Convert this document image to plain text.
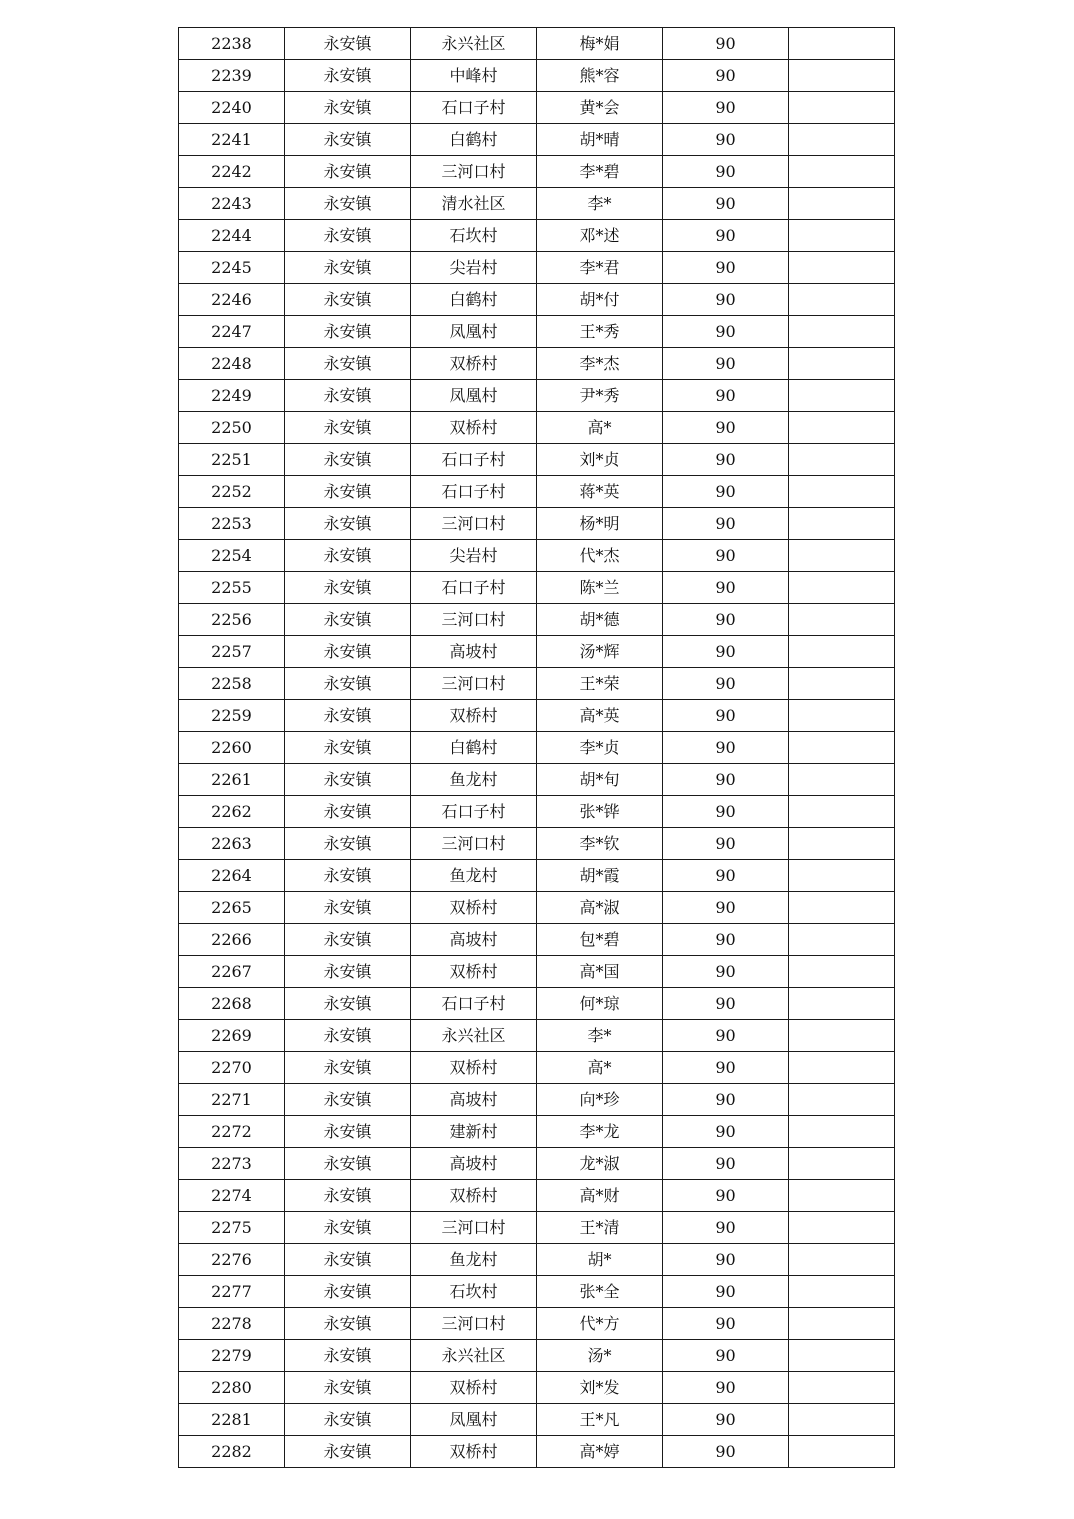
2238	永安镇	永兴社区	梅*娟	90	
2239	永安镇	中峰村	熊*容	90	
2240	永安镇	石口子村	黄*会	90	
2241	永安镇	白鹤村	胡*晴	90	
2242	永安镇	三河口村	李*碧	90	
2243	永安镇	清水社区	李*	90	
2244	永安镇	石坎村	邓*述	90	
2245	永安镇	尖岩村	李*君	90	
2246	永安镇	白鹤村	胡*付	90	
2247	永安镇	凤凰村	王*秀	90	
2248	永安镇	双桥村	李*杰	90	
2249	永安镇	凤凰村	尹*秀	90	
2250	永安镇	双桥村	高*	90	
2251	永安镇	石口子村	刘*贞	90	
2252	永安镇	石口子村	蒋*英	90	
2253	永安镇	三河口村	杨*明	90	
2254	永安镇	尖岩村	代*杰	90	
2255	永安镇	石口子村	陈*兰	90	
2256	永安镇	三河口村	胡*德	90	
2257	永安镇	高坡村	汤*辉	90	
2258	永安镇	三河口村	王*荣	90	
2259	永安镇	双桥村	高*英	90	
2260	永安镇	白鹤村	李*贞	90	
2261	永安镇	鱼龙村	胡*旬	90	
2262	永安镇	石口子村	张*铧	90	
2263	永安镇	三河口村	李*钦	90	
2264	永安镇	鱼龙村	胡*霞	90	
2265	永安镇	双桥村	高*淑	90	
2266	永安镇	高坡村	包*碧	90	
2267	永安镇	双桥村	高*国	90	
2268	永安镇	石口子村	何*琼	90	
2269	永安镇	永兴社区	李*	90	
2270	永安镇	双桥村	高*	90	
2271	永安镇	高坡村	向*珍	90	
2272	永安镇	建新村	李*龙	90	
2273	永安镇	高坡村	龙*淑	90	
2274	永安镇	双桥村	高*财	90	
2275	永安镇	三河口村	王*清	90	
2276	永安镇	鱼龙村	胡*	90	
2277	永安镇	石坎村	张*全	90	
2278	永安镇	三河口村	代*方	90	
2279	永安镇	永兴社区	汤*	90	
2280	永安镇	双桥村	刘*发	90	
2281	永安镇	凤凰村	王*凡	90	
2282	永安镇	双桥村	高*婷	90	
